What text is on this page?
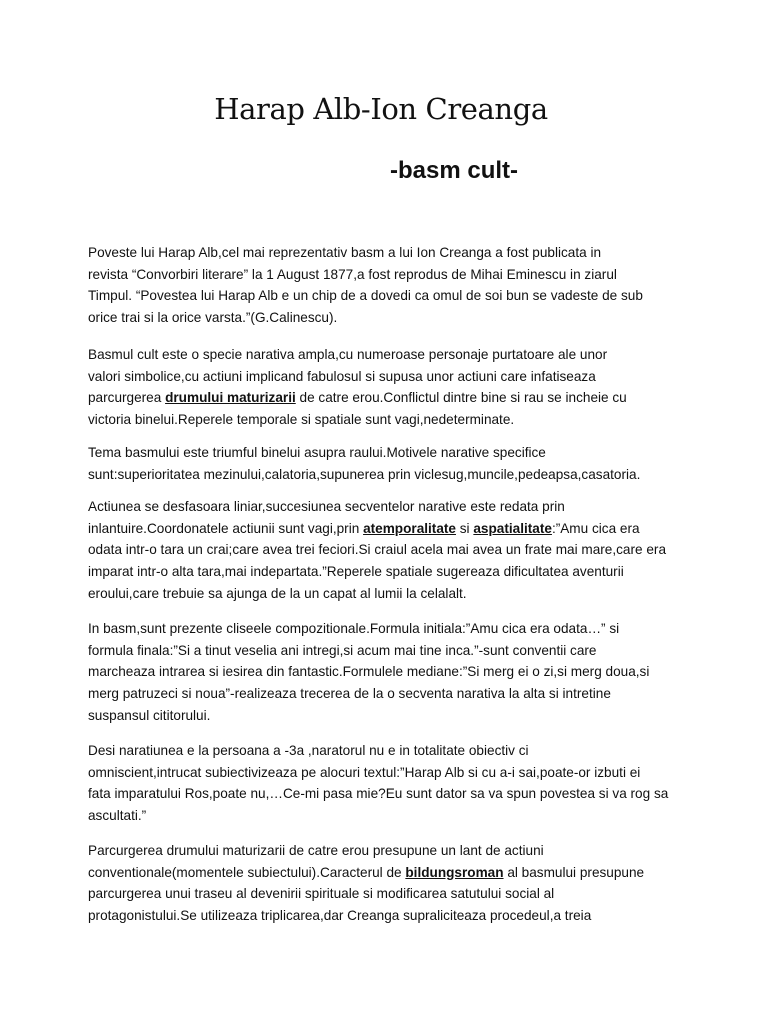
Harap Alb-Ion Creanga
-basm cult-
Poveste lui Harap Alb,cel mai reprezentativ basm a lui Ion Creanga a fost publicata in
revista “Convorbiri literare” la 1 August 1877,a fost reprodus de Mihai Eminescu in ziarul
Timpul. “Povestea lui Harap Alb e un chip de a dovedi ca omul de soi bun se vadeste de sub
orice trai si la orice varsta.”(G.Calinescu).
Basmul cult este o specie narativa ampla,cu numeroase personaje purtatoare ale unor
valori simbolice,cu actiuni implicand fabulosul si supusa unor actiuni care infatiseaza
parcurgerea drumului maturizarii de catre erou.Conflictul dintre bine si rau se incheie cu
victoria binelui.Reperele temporale si spatiale sunt vagi,nedeterminate.
Tema basmului este triumful binelui asupra raului.Motivele narative specifice
sunt:superioritatea mezinului,calatoria,supunerea prin viclesug,muncile,pedeapsa,casatoria.
Actiunea se desfasoara liniar,succesiunea secventelor narative este redata prin
inlantuire.Coordonatele actiunii sunt vagi,prin atemporalitate si aspatialitate:”Amu cica era
odata intr-o tara un crai;care avea trei feciori.Si craiul acela mai avea un frate mai mare,care era
imparat intr-o alta tara,mai indepartata.”Reperele spatiale sugereaza dificultatea aventurii
eroului,care trebuie sa ajunga de la un capat al lumii la celalalt.
In basm,sunt prezente cliseele compozitionale.Formula initiala:”Amu cica era odata…” si
formula finala:”Si a tinut veselia ani intregi,si acum mai tine inca.”-sunt conventii care
marcheaza intrarea si iesirea din fantastic.Formulele mediane:”Si merg ei o zi,si merg doua,si
merg patruzeci si noua”-realizeaza trecerea de la o secventa narativa la alta si intretine
suspansul cititorului.
Desi naratiunea e la persoana a -3a ,naratorul nu e in totalitate obiectiv ci
omniscient,intrucat subiectivizeaza pe alocuri textul:”Harap Alb si cu a-i sai,poate-or izbuti ei
fata imparatului Ros,poate nu,…Ce-mi pasa mie?Eu sunt dator sa va spun povestea si va rog sa
ascultati.”
Parcurgerea drumului maturizarii de catre erou presupune un lant de actiuni
conventionale(momentele subiectului).Caracterul de bildungsroman al basmului presupune
parcurgerea unui traseu al devenirii spirituale si modificarea satutului social al
protagonistului.Se utilizeaza triplicarea,dar Creanga supraliciteaza procedeul,a treia
